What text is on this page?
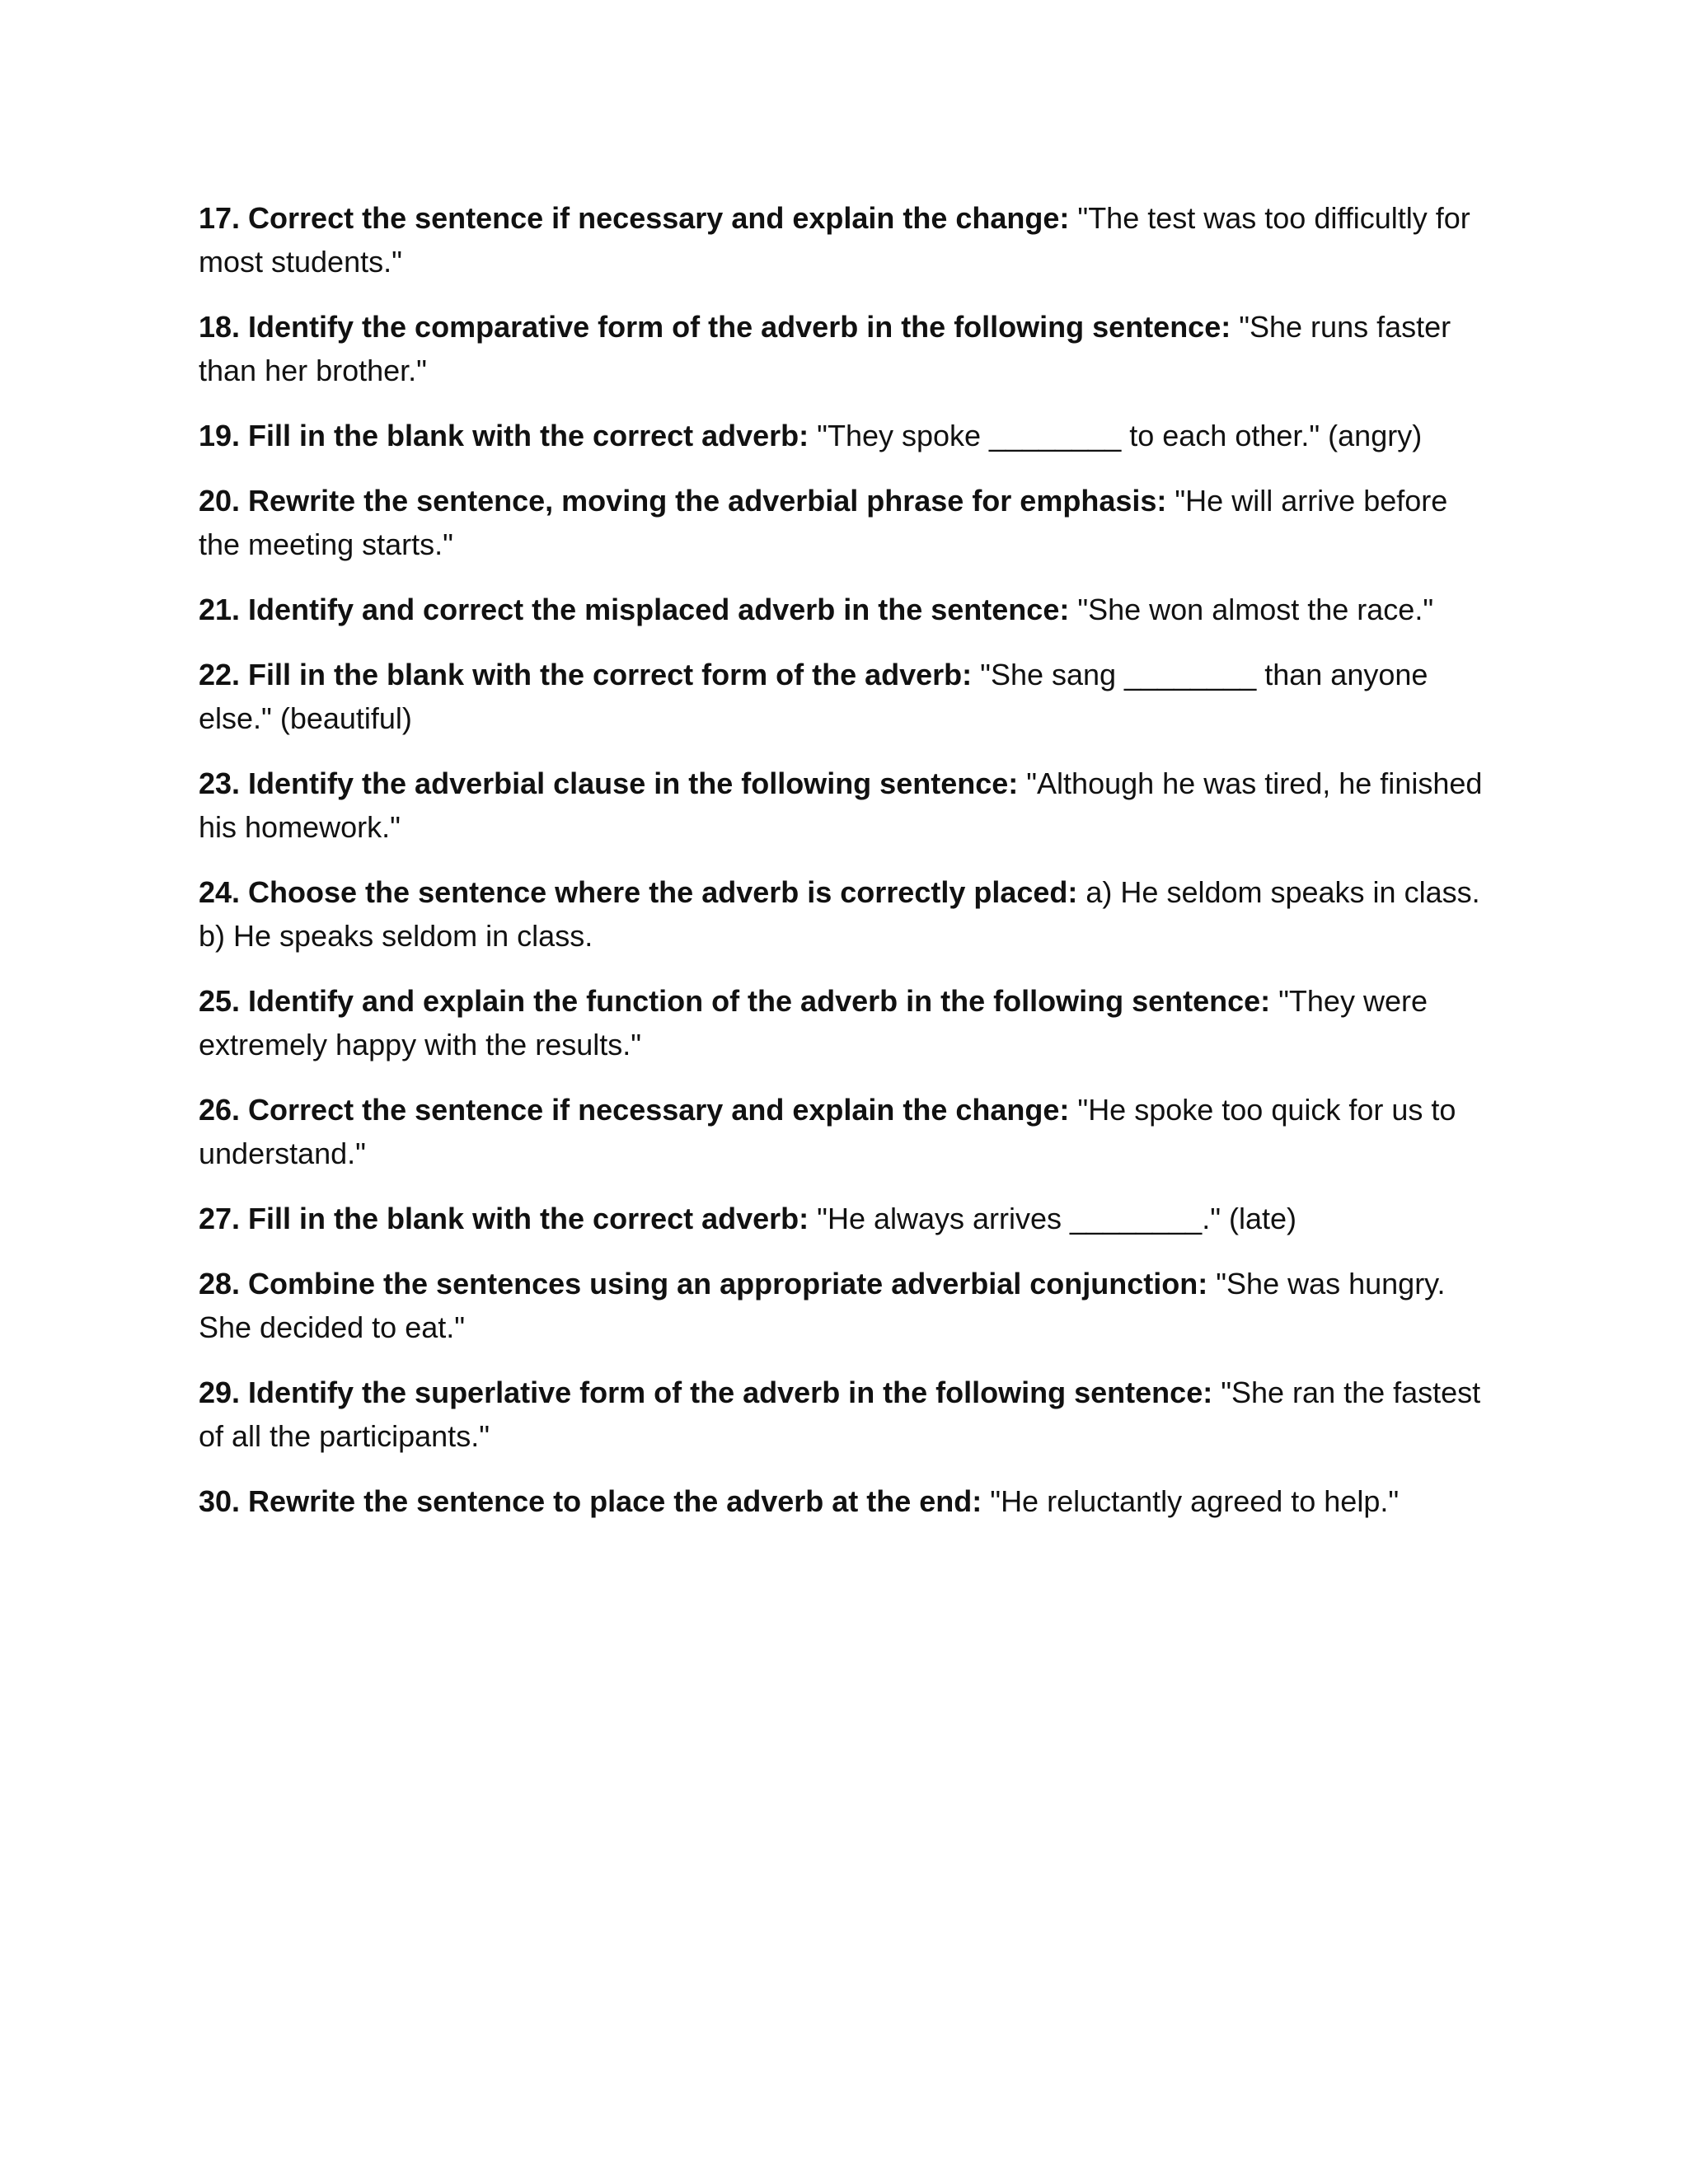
17. Correct the sentence if necessary and explain the change: "The test was too difficultly for most students."

18. Identify the comparative form of the adverb in the following sentence: "She runs faster than her brother."

19. Fill in the blank with the correct adverb: "They spoke ________ to each other." (angry)

20. Rewrite the sentence, moving the adverbial phrase for emphasis: "He will arrive before the meeting starts."

21. Identify and correct the misplaced adverb in the sentence: "She won almost the race."

22. Fill in the blank with the correct form of the adverb: "She sang ________ than anyone else." (beautiful)

23. Identify the adverbial clause in the following sentence: "Although he was tired, he finished his homework."

24. Choose the sentence where the adverb is correctly placed: a) He seldom speaks in class. b) He speaks seldom in class.

25. Identify and explain the function of the adverb in the following sentence: "They were extremely happy with the results."

26. Correct the sentence if necessary and explain the change: "He spoke too quick for us to understand."

27. Fill in the blank with the correct adverb: "He always arrives ________." (late)

28. Combine the sentences using an appropriate adverbial conjunction: "She was hungry. She decided to eat."

29. Identify the superlative form of the adverb in the following sentence: "She ran the fastest of all the participants."

30. Rewrite the sentence to place the adverb at the end: "He reluctantly agreed to help."
